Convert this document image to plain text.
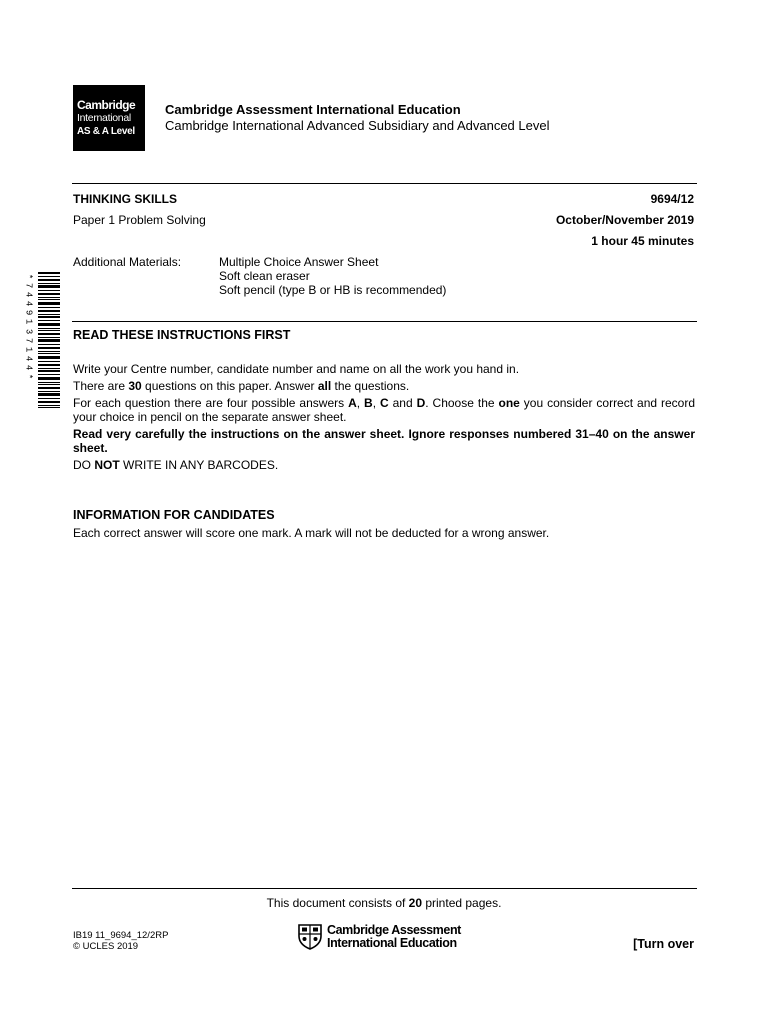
Cambridge
International
AS & A Level
Cambridge Assessment International Education
Cambridge International Advanced Subsidiary and Advanced Level
THINKING SKILLS	9694/12
Paper 1 Problem Solving	October/November 2019
1 hour 45 minutes
Additional Materials:	Multiple Choice Answer Sheet
Soft clean eraser
Soft pencil (type B or HB is recommended)
*
7
4
4
9
1
3
7
1
4
4
*
READ THESE INSTRUCTIONS FIRST
Write your Centre number, candidate number and name on all the work you hand in.
There are 30 questions on this paper. Answer all the questions.
For each question there are four possible answers A, B, C and D. Choose the one you consider correct and record your choice in pencil on the separate answer sheet.
Read very carefully the instructions on the answer sheet. Ignore responses numbered 31–40 on the answer sheet.
DO NOT WRITE IN ANY BARCODES.
INFORMATION FOR CANDIDATES
Each correct answer will score one mark. A mark will not be deducted for a wrong answer.
This document consists of 20 printed pages.
IB19 11_9694_12/2RP
© UCLES 2019
Cambridge Assessment
International Education	[Turn over
